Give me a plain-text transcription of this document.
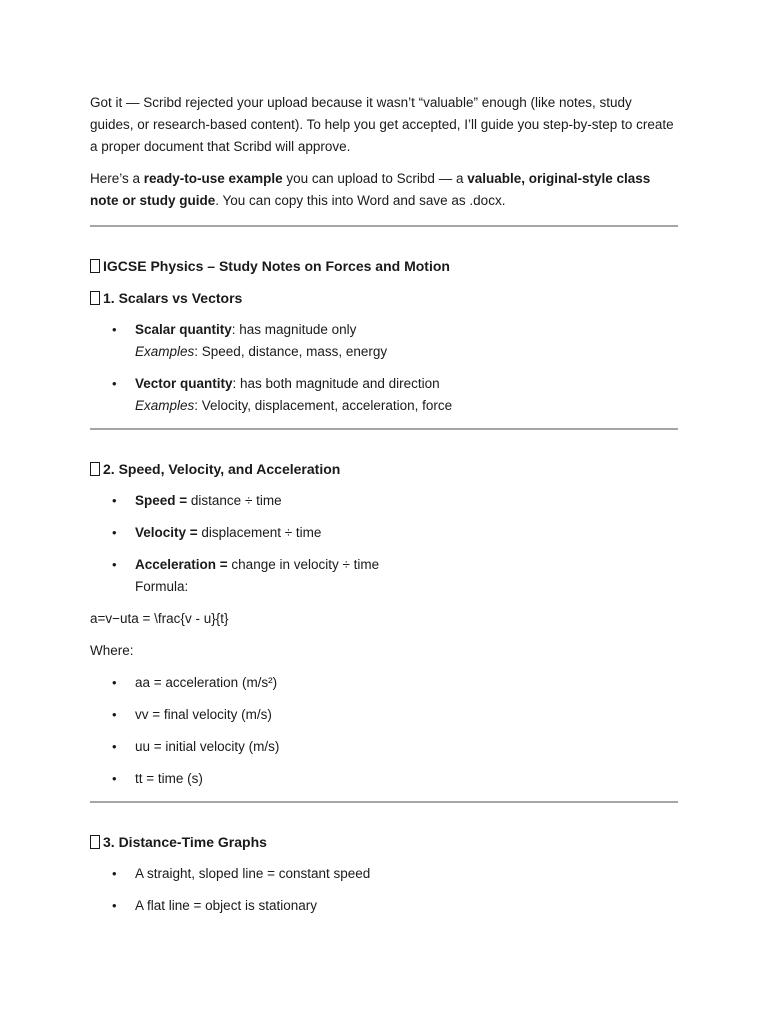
Got it — Scribd rejected your upload because it wasn’t “valuable” enough (like notes, study guides, or research-based content). To help you get accepted, I’ll guide you step-by-step to create a proper document that Scribd will approve.

Here’s a ready-to-use example you can upload to Scribd — a valuable, original-style class note or study guide. You can copy this into Word and save as .docx.

IGCSE Physics – Study Notes on Forces and Motion
1. Scalars vs Vectors
• Scalar quantity: has magnitude only
Examples: Speed, distance, mass, energy
• Vector quantity: has both magnitude and direction
Examples: Velocity, displacement, acceleration, force
2. Speed, Velocity, and Acceleration
• Speed = distance ÷ time
• Velocity = displacement ÷ time
• Acceleration = change in velocity ÷ time
Formula:

a=v−uta = \frac{v - u}{t}

Where:

• aa = acceleration (m/s²)
• vv = final velocity (m/s)
• uu = initial velocity (m/s)
• tt = time (s)
3. Distance-Time Graphs
• A straight, sloped line = constant speed
• A flat line = object is stationary
